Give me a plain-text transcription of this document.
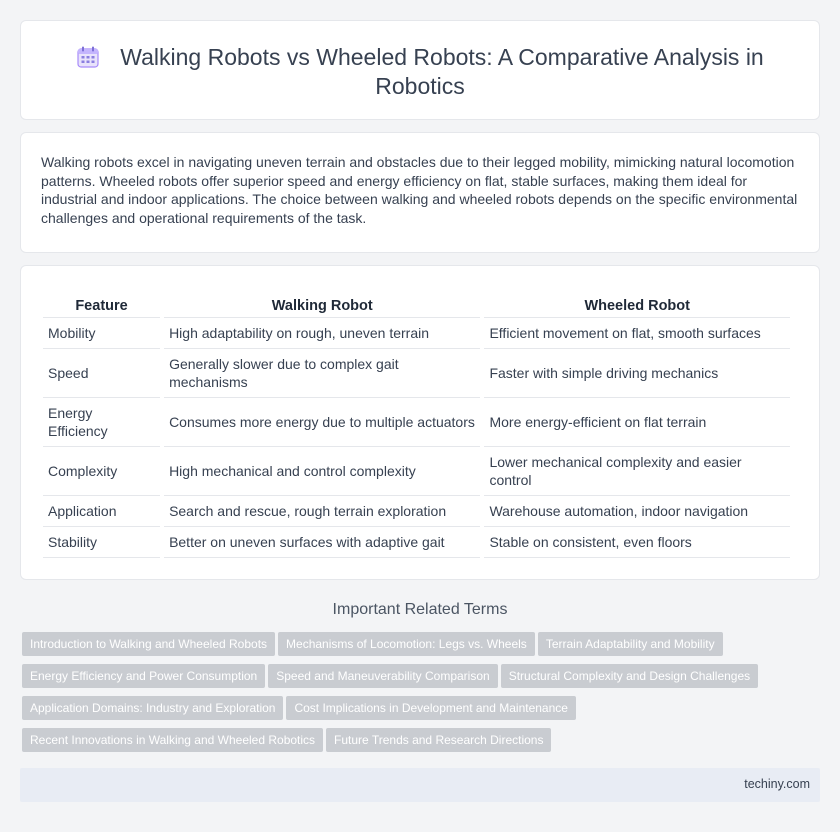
Walking Robots vs Wheeled Robots: A Comparative Analysis in Robotics

Walking robots excel in navigating uneven terrain and obstacles due to their legged mobility, mimicking natural locomotion patterns. Wheeled robots offer superior speed and energy efficiency on flat, stable surfaces, making them ideal for industrial and indoor applications. The choice between walking and wheeled robots depends on the specific environmental challenges and operational requirements of the task.

Feature	Walking Robot	Wheeled Robot
Mobility	High adaptability on rough, uneven terrain	Efficient movement on flat, smooth surfaces
Speed	Generally slower due to complex gait mechanisms	Faster with simple driving mechanics
Energy Efficiency	Consumes more energy due to multiple actuators	More energy-efficient on flat terrain
Complexity	High mechanical and control complexity	Lower mechanical complexity and easier control
Application	Search and rescue, rough terrain exploration	Warehouse automation, indoor navigation
Stability	Better on uneven surfaces with adaptive gait	Stable on consistent, even floors
Important Related Terms
Introduction to Walking and Wheeled Robots Mechanisms of Locomotion: Legs vs. Wheels Terrain Adaptability and Mobility
Energy Efficiency and Power Consumption Speed and Maneuverability Comparison Structural Complexity and Design Challenges
Application Domains: Industry and Exploration Cost Implications in Development and Maintenance
Recent Innovations in Walking and Wheeled Robotics Future Trends and Research Directions
techiny.com
